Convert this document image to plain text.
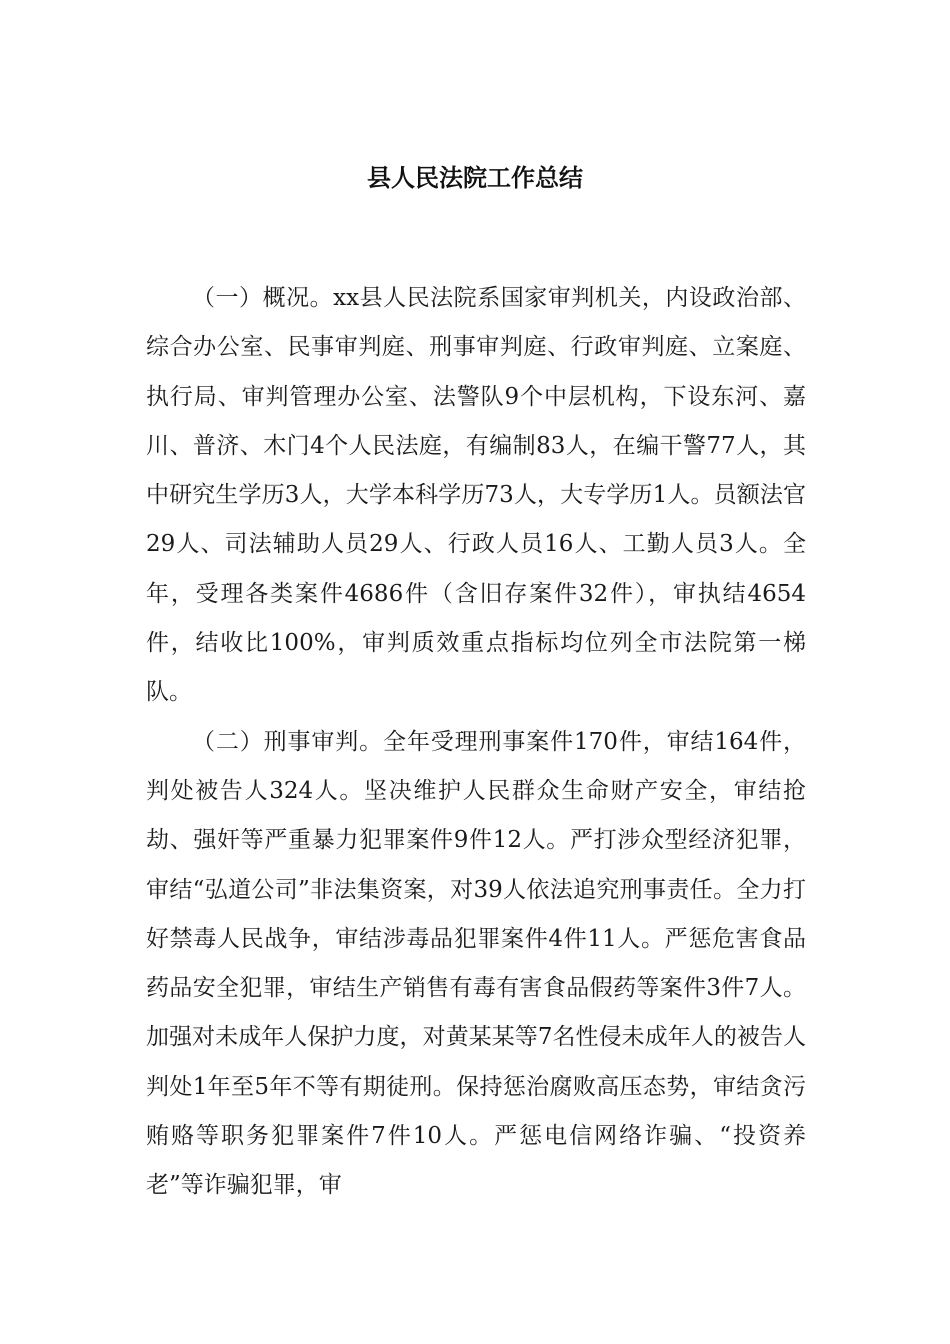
县人民法院工作总结

（一）概况。xx县人民法院系国家审判机关，内设政治部、综合办公室、民事审判庭、刑事审判庭、行政审判庭、立案庭、执行局、审判管理办公室、法警队9个中层机构，下设东河、嘉川、普济、木门4个人民法庭，有编制83人，在编干警77人，其中研究生学历3人，大学本科学历73人，大专学历1人。员额法官29人、司法辅助人员29人、行政人员16人、工勤人员3人。全年，受理各类案件4686件（含旧存案件32件），审执结4654件，结收比100%，审判质效重点指标均位列全市法院第一梯队。

（二）刑事审判。全年受理刑事案件170件，审结164件，判处被告人324人。坚决维护人民群众生命财产安全，审结抢劫、强奸等严重暴力犯罪案件9件12人。严打涉众型经济犯罪，审结“弘道公司”非法集资案，对39人依法追究刑事责任。全力打好禁毒人民战争，审结涉毒品犯罪案件4件11人。严惩危害食品药品安全犯罪，审结生产销售有毒有害食品假药等案件3件7人。加强对未成年人保护力度，对黄某某等7名性侵未成年人的被告人判处1年至5年不等有期徒刑。保持惩治腐败高压态势，审结贪污贿赂等职务犯罪案件7件10人。严惩电信网络诈骗、“投资养老”等诈骗犯罪，审
